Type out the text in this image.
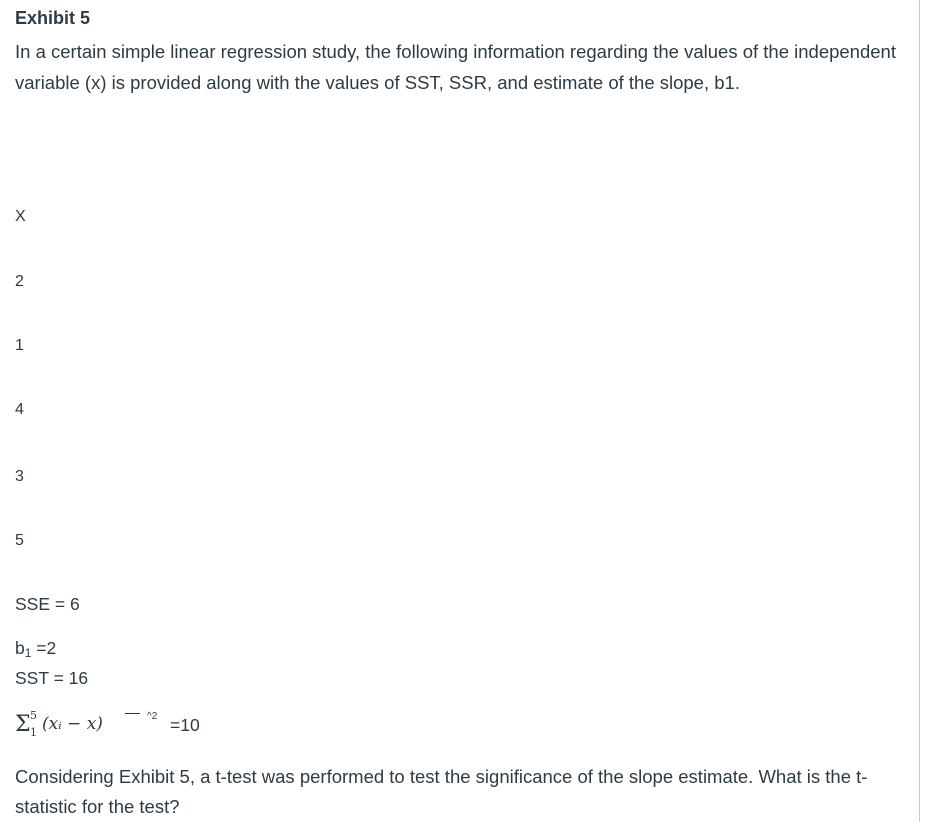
Exhibit 5
In a certain simple linear regression study, the following information regarding the values of the independent variable (x) is provided along with the values of SST, SSR, and estimate of the slope, b1.
X
2
1
4
3
5
SSE = 6
$b_1 =2$
SST = 16
Σ 5
1 (xᵢ − x)	^2 =10
Considering Exhibit 5, a t-test was performed to test the significance of the slope estimate. What is the t-statistic for the test?
